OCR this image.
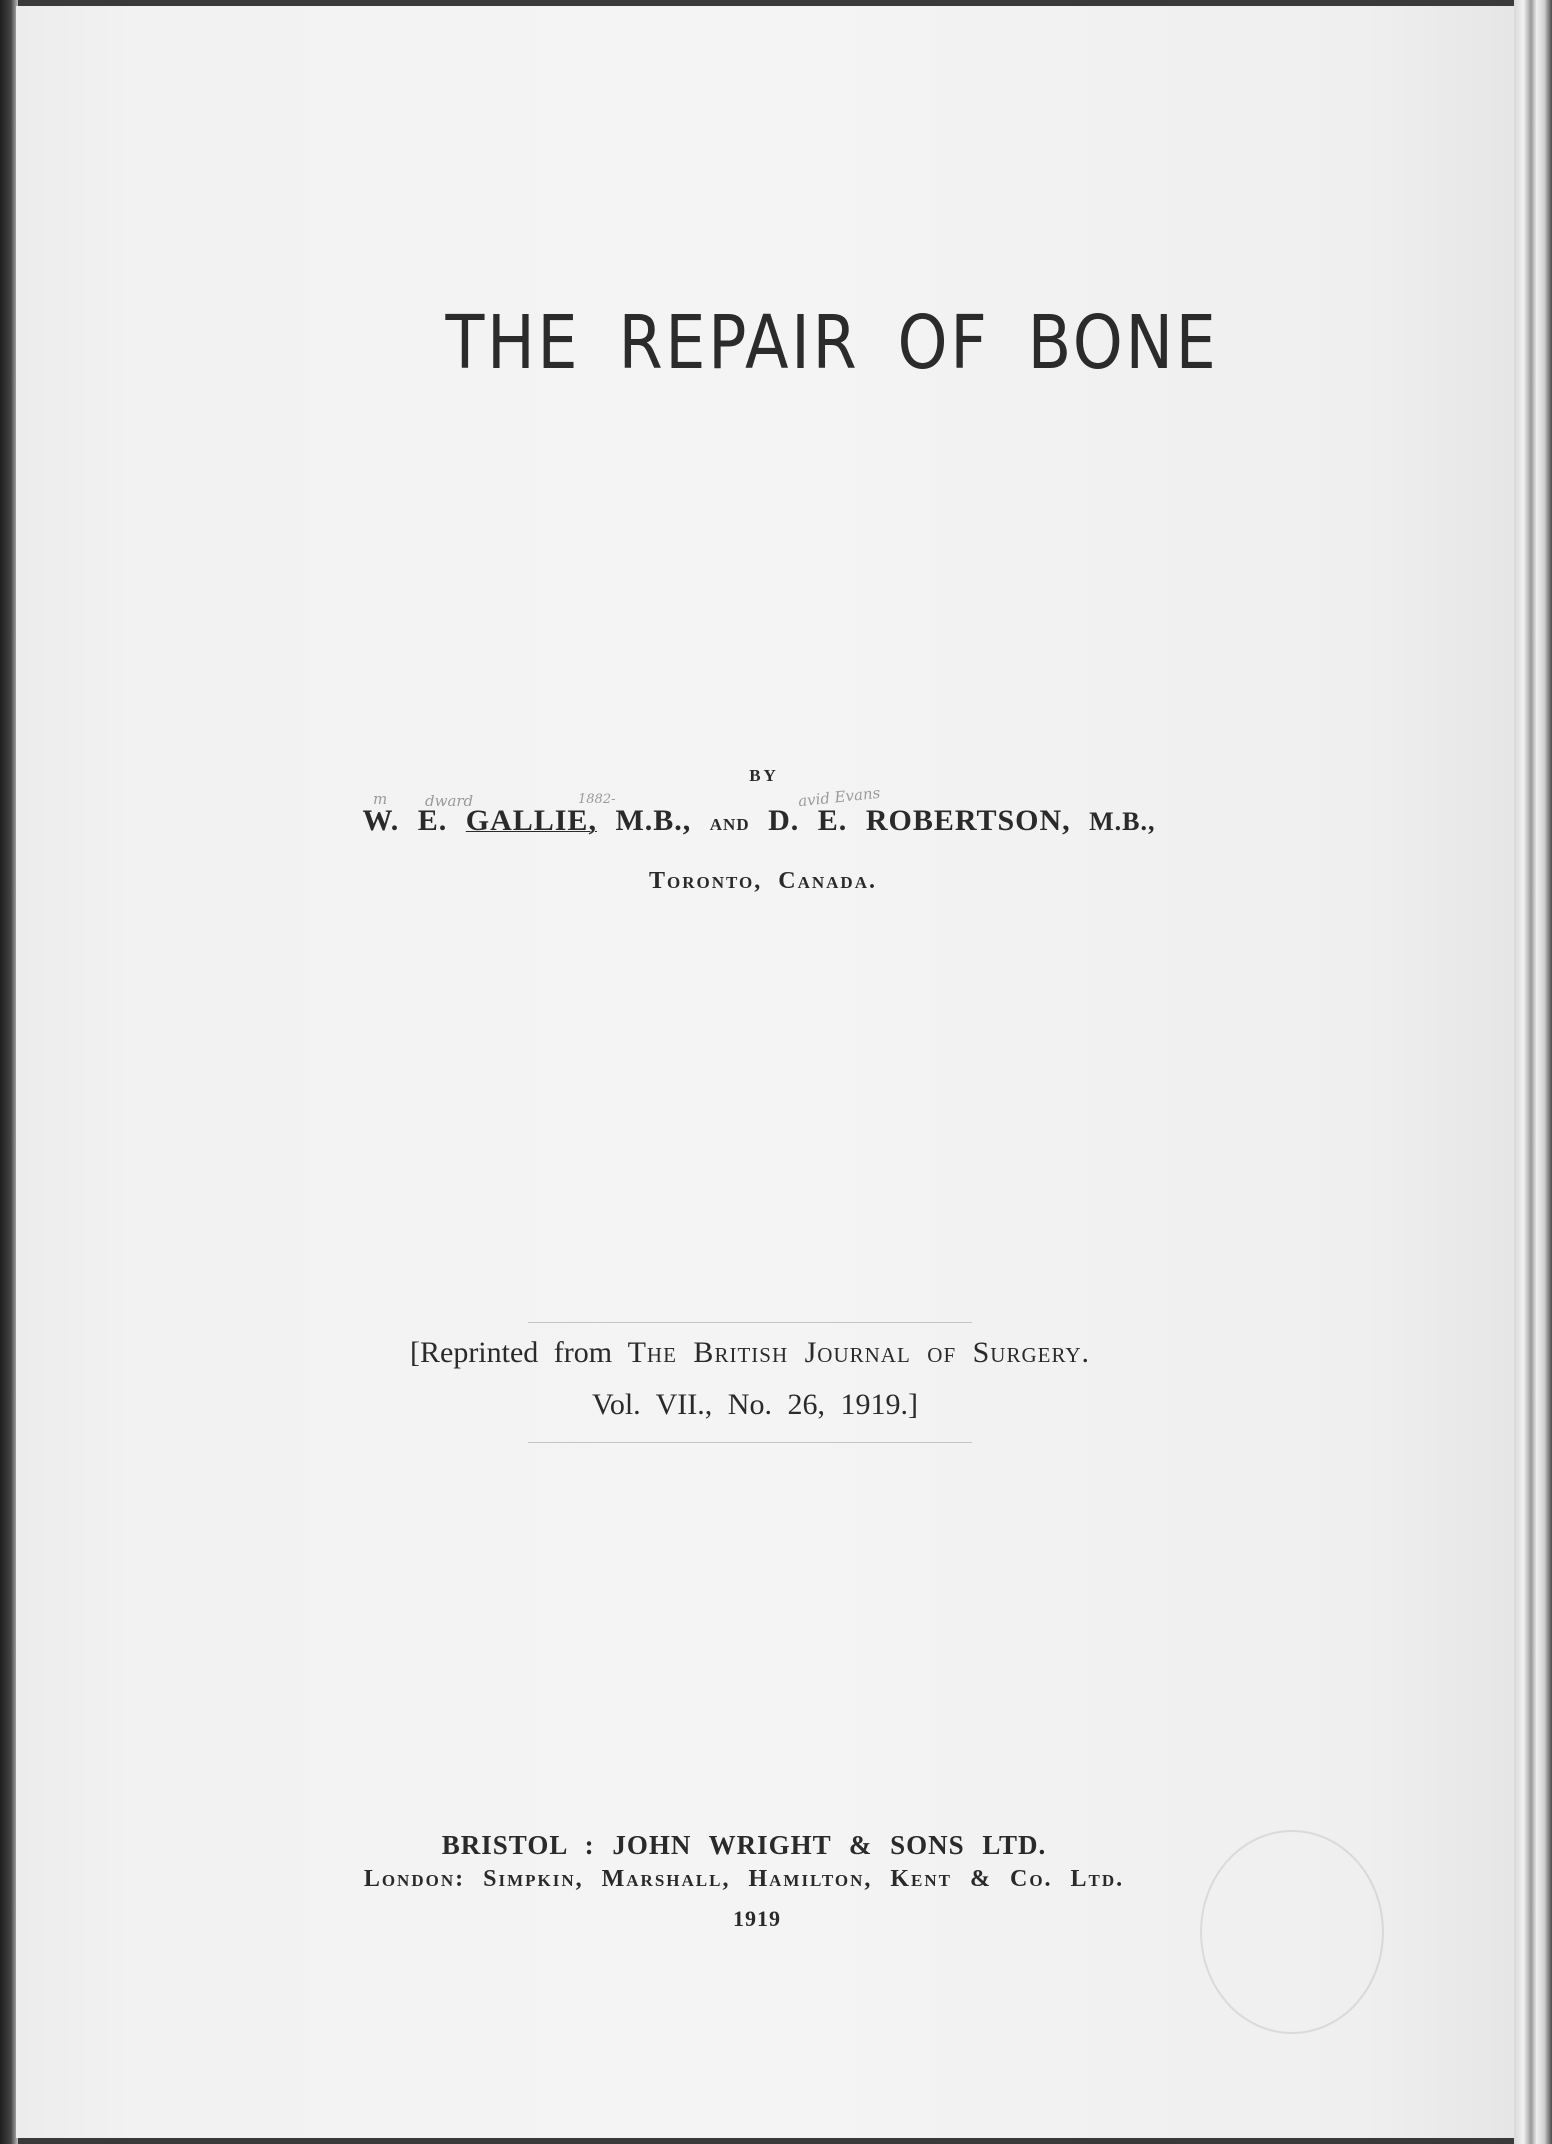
THE REPAIR OF BONE
BY
W. E. GALLIE, M.B., and D. E. ROBERTSON, M.B.,
m	dward	1882-	avid Evans
Toronto, Canada.
[Reprinted from The British Journal of Surgery.
Vol. VII., No. 26, 1919.]
BRISTOL : JOHN WRIGHT & SONS LTD.
London: Simpkin, Marshall, Hamilton, Kent & Co. Ltd.
1919
